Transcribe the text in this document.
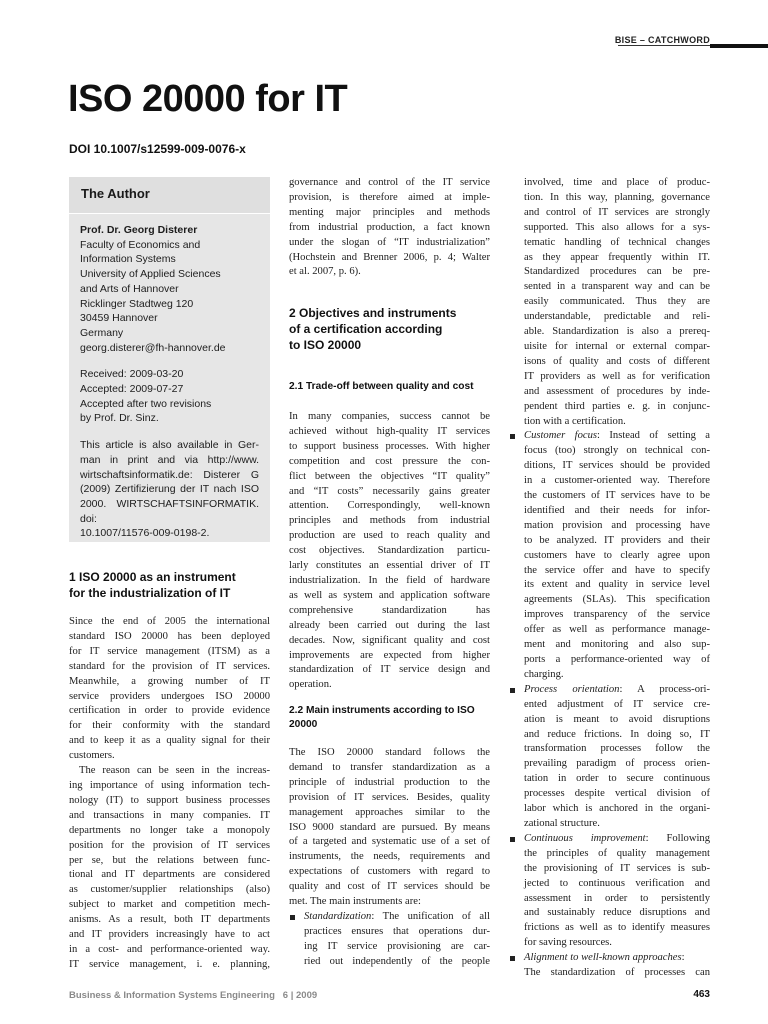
BISE – CATCHWORD
ISO 20000 for IT
DOI 10.1007/s12599-009-0076-x
The Author
Prof. Dr. Georg Disterer
Faculty of Economics and
Information Systems
University of Applied Sciences
and Arts of Hannover
Ricklinger Stadtweg 120
30459 Hannover
Germany
georg.disterer@fh-hannover.de
Received: 2009-03-20
Accepted: 2009-07-27
Accepted after two revisions
by Prof. Dr. Sinz.
This article is also available in Ger-
man in print and via http://www.
wirtschaftsinformatik.de: Disterer G
(2009) Zertifizierung der IT nach ISO
2000. WIRTSCHAFTSINFORMATIK. doi:
10.1007/11576-009-0198-2.
1 ISO 20000 as an instrument
for the industrialization of IT

Since the end of 2005 the international
standard ISO 20000 has been deployed
for IT service management (ITSM) as a
standard for the provision of IT services.
Meanwhile, a growing number of IT
service providers undergoes ISO 20000
certification in order to provide evidence
for their conformity with the standard
and to keep it as a quality signal for their
customers.

The reason can be seen in the increas-
ing importance of using information tech-
nology (IT) to support business processes
and transactions in many companies. IT
departments no longer take a monopoly
position for the provision of IT services
per se, but the relations between func-
tional and IT departments are considered
as customer/supplier relationships (also)
subject to market and competition mech-
anisms. As a result, both IT departments
and IT providers increasingly have to act
in a cost- and performance-oriented way.
IT service management, i. e. planning,

governance and control of the IT service
provision, is therefore aimed at imple-
menting major principles and methods
from industrial production, a fact known
under the slogan of “IT industrialization”
(Hochstein and Brenner 2006, p. 4; Walter
et al. 2007, p. 6).

2 Objectives and instruments
of a certification according
to ISO 20000
2.1 Trade-off between quality and cost

In many companies, success cannot be
achieved without high-quality IT services
to support business processes. With higher
competition and cost pressure the con-
flict between the objectives “IT quality”
and “IT costs” necessarily gains greater
attention. Correspondingly, well-known
principles and methods from industrial
production are used to reach quality and
cost objectives. Standardization particu-
larly constitutes an essential driver of IT
industrialization. In the field of hardware
as well as system and application software
comprehensive standardization has
already been carried out during the last
decades. Now, significant quality and cost
improvements are expected from higher
standardization of IT service design and
operation.

2.2 Main instruments according to ISO
20000

The ISO 20000 standard follows the
demand to transfer standardization as a
principle of industrial production to the
provision of IT services. Besides, quality
management approaches similar to the
ISO 9000 standard are pursued. By means
of a targeted and systematic use of a set of
instruments, the needs, requirements and
expectations of customers with regard to
quality and cost of IT services should be
met. The main instruments are:

Standardization: The unification of all
practices ensures that operations dur-
ing IT service provisioning are car-
ried out independently of the people

involved, time and place of produc-
tion. In this way, planning, governance
and control of IT services are strongly
supported. This also allows for a sys-
tematic handling of technical changes
as they appear frequently within IT.
Standardized procedures can be pre-
sented in a transparent way and can be
easily communicated. Thus they are
understandable, predictable and reli-
able. Standardization is also a prereq-
uisite for internal or external compar-
isons of quality and costs of different
IT providers as well as for verification
and assessment of procedures by inde-
pendent third parties e. g. in conjunc-
tion with a certification.

Customer focus: Instead of setting a
focus (too) strongly on technical con-
ditions, IT services should be provided
in a customer-oriented way. Therefore
the customers of IT services have to be
identified and their needs for infor-
mation provision and processing have
to be analyzed. IT providers and their
customers have to clearly agree upon
the service offer and have to specify
its extent and quality in service level
agreements (SLAs). This specification
improves transparency of the service
offer as well as performance manage-
ment and monitoring and also sup-
ports a performance-oriented way of
charging.
Process orientation: A process-ori-
ented adjustment of IT service cre-
ation is meant to avoid disruptions
and reduce frictions. In doing so, IT
transformation processes follow the
prevailing paradigm of process orien-
tation in order to secure continuous
processes despite vertical division of
labor which is anchored in the organi-
zational structure.
Continuous improvement: Following
the principles of quality management
the provisioning of IT services is sub-
jected to continuous verification and
assessment in order to persistently
and sustainably reduce disruptions and
frictions as well as to identify measures
for saving resources.
Alignment to well-known approaches:
The standardization of processes can
Business & Information Systems Engineering   6 | 2009	463
